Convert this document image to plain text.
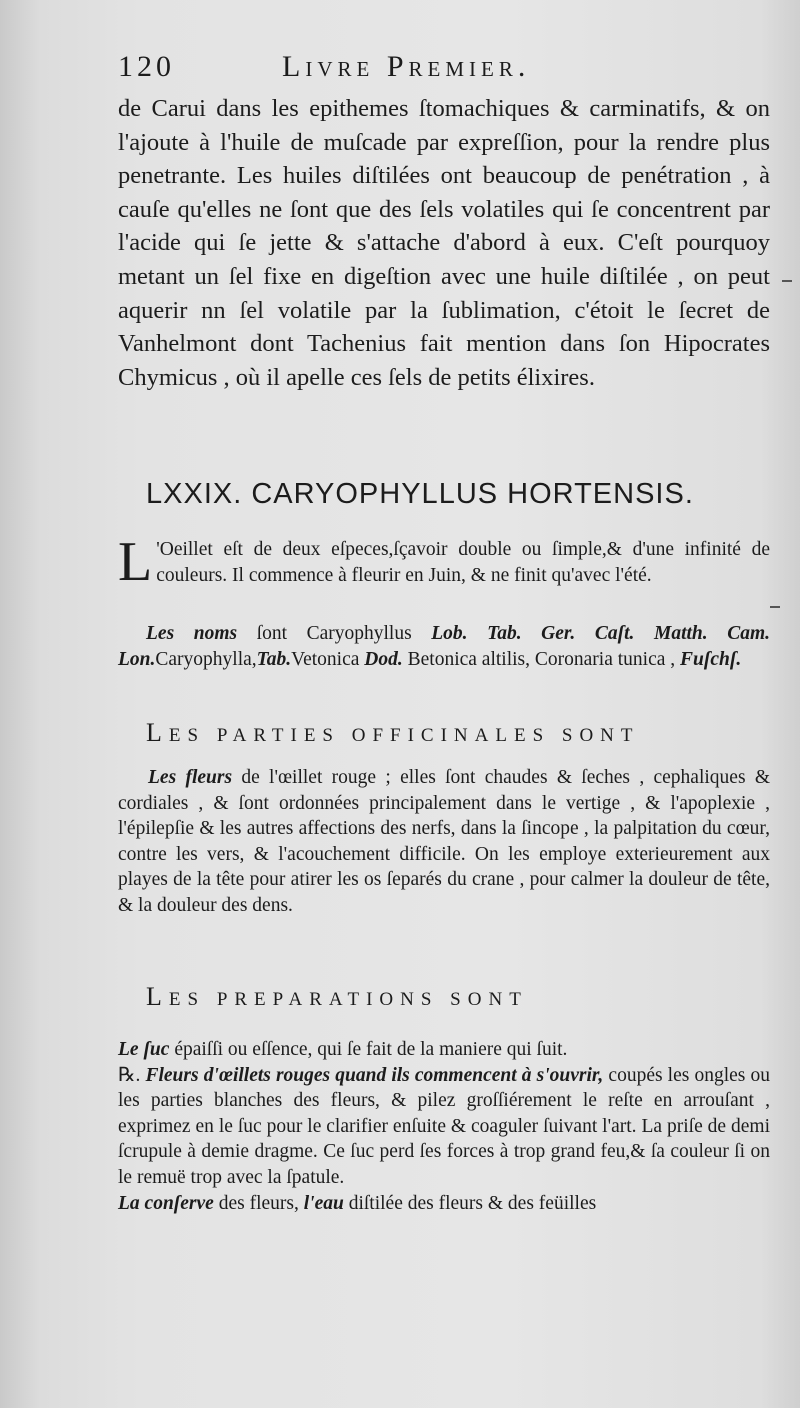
120	Livre Premier.
de Carui dans les epithemes ſtomachiques & carminatifs, & on l'ajoute à l'huile de muſcade par expreſſion, pour la rendre plus penetrante. Les huiles diſtilées ont beaucoup de penétration , à cauſe qu'elles ne ſont que des ſels volatiles qui ſe concentrent par l'acide qui ſe jette & s'attache d'abord à eux. C'eſt pourquoy metant un ſel fixe en digeſtion avec une huile diſtilée , on peut aquerir nn ſel volatile par la ſublimation, c'étoit le ſecret de Vanhelmont dont Tachenius fait mention dans ſon Hipocrates Chymicus , où il apelle ces ſels de petits élixires.
LXXIX. CARYOPHYLLUS HORTENSIS.
L 'Oeillet eſt de deux eſpeces,ſçavoir double ou ſimple,& d'une infinité de couleurs. Il commence à fleurir en Juin, & ne finit qu'avec l'été.
Les noms ſont Caryophyllus Lob. Tab. Ger. Caſt. Matth. Cam. Lon.Caryophylla,Tab.Vetonica Dod. Betonica altilis, Coronaria tunica , Fuſchſ.
LES PARTIES OFFICINALES SONT
Les fleurs de l'œillet rouge ; elles ſont chaudes & ſeches , cephaliques & cordiales , & ſont ordonnées principalement dans le vertige , & l'apoplexie , l'épilepſie & les autres affections des nerfs, dans la ſincope , la palpitation du cœur, contre les vers, & l'acouchement difficile. On les employe exterieurement aux playes de la tête pour atirer les os ſeparés du crane , pour calmer la douleur de tête, & la douleur des dens.
LES PREPARATIONS SONT
Le ſuc épaiſſi ou eſſence, qui ſe fait de la maniere qui ſuit.
℞. Fleurs d'œillets rouges quand ils commencent à s'ouvrir, coupés les ongles ou les parties blanches des fleurs, & pilez groſſiérement le reſte en arrouſant , exprimez en le ſuc pour le clarifier enſuite & coaguler ſuivant l'art. La priſe de demi ſcrupule à demie dragme. Ce ſuc perd ſes forces à trop grand feu,& ſa couleur ſi on le remuë trop avec la ſpatule.
La conſerve des fleurs, l'eau diſtilée des fleurs & des feüilles
